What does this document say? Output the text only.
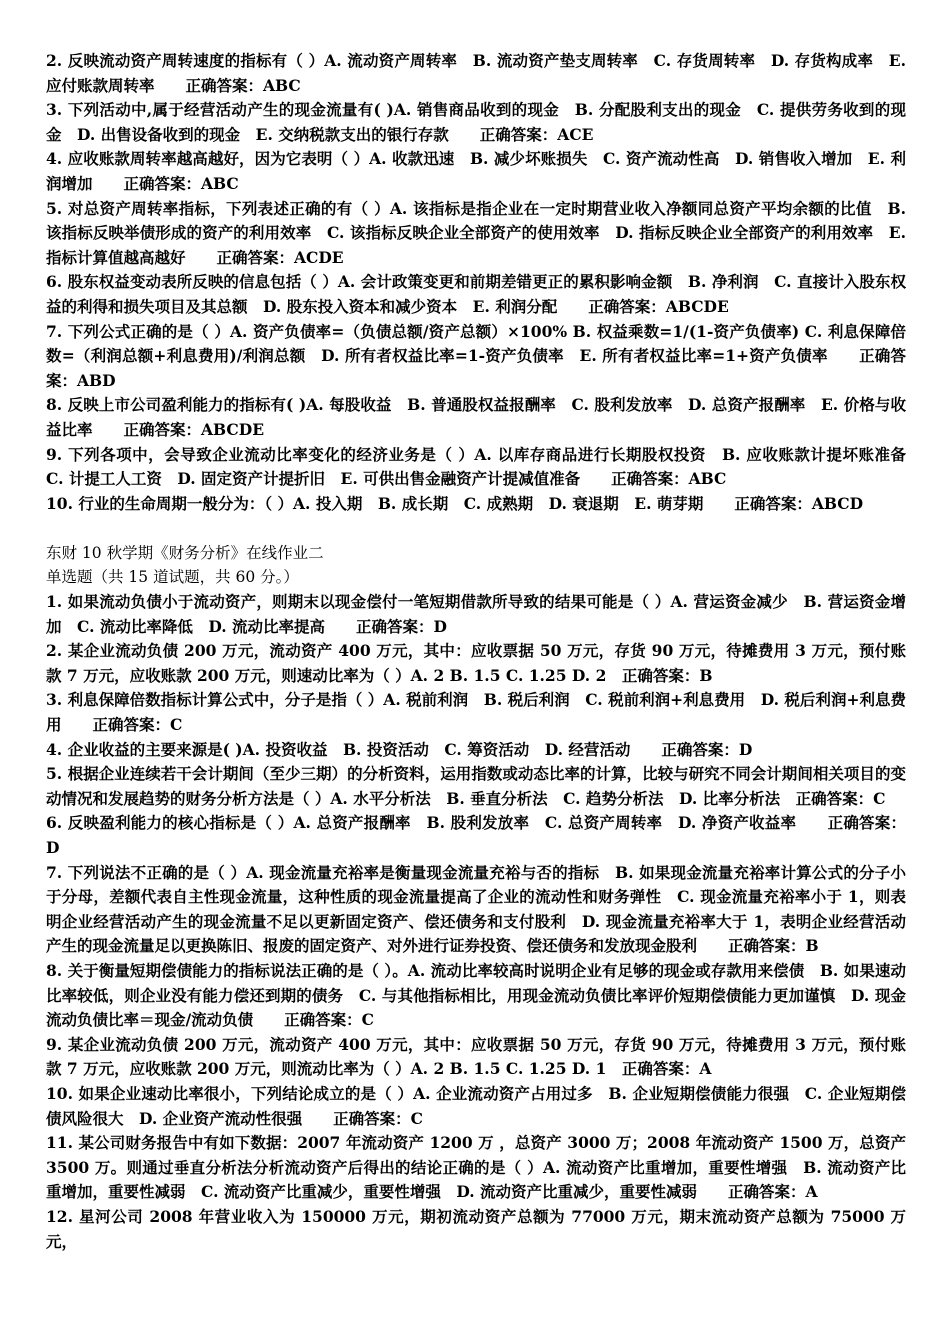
2. 反映流动资产周转速度的指标有（ ）A. 流动资产周转率　B. 流动资产垫支周转率　C. 存货周转率　D. 存货构成率　E. 应付账款周转率　　正确答案：ABC

3. 下列活动中,属于经营活动产生的现金流量有( )A. 销售商品收到的现金　B. 分配股利支出的现金　C. 提供劳务收到的现金　D. 出售设备收到的现金　E. 交纳税款支出的银行存款　　正确答案：ACE

4. 应收账款周转率越高越好，因为它表明（ ）A. 收款迅速　B. 减少坏账损失　C. 资产流动性高　D. 销售收入增加　E. 利润增加　　正确答案：ABC

5. 对总资产周转率指标，下列表述正确的有（ ）A. 该指标是指企业在一定时期营业收入净额同总资产平均余额的比值　B. 该指标反映举债形成的资产的利用效率　C. 该指标反映企业全部资产的使用效率　D. 指标反映企业全部资产的利用效率　E. 指标计算值越高越好　　正确答案：ACDE

6. 股东权益变动表所反映的信息包括（ ）A. 会计政策变更和前期差错更正的累积影响金额　B. 净利润　C. 直接计入股东权益的利得和损失项目及其总额　D. 股东投入资本和减少资本　E. 利润分配　　正确答案：ABCDE

7. 下列公式正确的是（ ）A. 资产负债率=（负债总额/资产总额）×100% B. 权益乘数=1/(1-资产负债率) C. 利息保障倍数=（利润总额+利息费用)/利润总额　D. 所有者权益比率=1-资产负债率　E. 所有者权益比率=1+资产负债率　　正确答案：ABD

8. 反映上市公司盈利能力的指标有( )A. 每股收益　B. 普通股权益报酬率　C. 股利发放率　D. 总资产报酬率　E. 价格与收益比率　　正确答案：ABCDE

9. 下列各项中，会导致企业流动比率变化的经济业务是（ ）A. 以库存商品进行长期股权投资　B. 应收账款计提坏账准备　C. 计提工人工资　D. 固定资产计提折旧　E. 可供出售金融资产计提减值准备　　正确答案：ABC

10. 行业的生命周期一般分为：（ ）A. 投入期　B. 成长期　C. 成熟期　D. 衰退期　E. 萌芽期　　正确答案：ABCD

东财 10 秋学期《财务分析》在线作业二

单选题（共 15 道试题，共 60 分。）

1. 如果流动负债小于流动资产，则期末以现金偿付一笔短期借款所导致的结果可能是（ ）A. 营运资金减少　B. 营运资金增加　C. 流动比率降低　D. 流动比率提高　　正确答案：D

2. 某企业流动负债 200 万元，流动资产 400 万元，其中：应收票据 50 万元，存货 90 万元，待摊费用 3 万元，预付账款 7 万元，应收账款 200 万元，则速动比率为（ ）A. 2 B. 1.5 C. 1.25 D. 2　正确答案：B

3. 利息保障倍数指标计算公式中，分子是指（ ）A. 税前利润　B. 税后利润　C. 税前利润+利息费用　D. 税后利润+利息费用　　正确答案：C

4. 企业收益的主要来源是( )A. 投资收益　B. 投资活动　C. 筹资活动　D. 经营活动　　正确答案：D

5. 根据企业连续若干会计期间（至少三期）的分析资料，运用指数或动态比率的计算，比较与研究不同会计期间相关项目的变动情况和发展趋势的财务分析方法是（ ）A. 水平分析法　B. 垂直分析法　C. 趋势分析法　D. 比率分析法　正确答案：C

6. 反映盈利能力的核心指标是（ ）A. 总资产报酬率　B. 股利发放率　C. 总资产周转率　D. 净资产收益率　　正确答案：D

7. 下列说法不正确的是（ ）A. 现金流量充裕率是衡量现金流量充裕与否的指标　B. 如果现金流量充裕率计算公式的分子小于分母，差额代表自主性现金流量，这种性质的现金流量提高了企业的流动性和财务弹性　C. 现金流量充裕率小于 1，则表明企业经营活动产生的现金流量不足以更新固定资产、偿还债务和支付股利　D. 现金流量充裕率大于 1，表明企业经营活动产生的现金流量足以更换陈旧、报废的固定资产、对外进行证券投资、偿还债务和发放现金股利　　正确答案：B

8. 关于衡量短期偿债能力的指标说法正确的是（ ）。A. 流动比率较高时说明企业有足够的现金或存款用来偿债　B. 如果速动比率较低，则企业没有能力偿还到期的债务　C. 与其他指标相比，用现金流动负债比率评价短期偿债能力更加谨慎　D. 现金流动负债比率＝现金/流动负债　　正确答案：C

9. 某企业流动负债 200 万元，流动资产 400 万元，其中：应收票据 50 万元，存货 90 万元，待摊费用 3 万元，预付账款 7 万元，应收账款 200 万元，则流动比率为（ ）A. 2 B. 1.5 C. 1.25 D. 1　正确答案：A

10. 如果企业速动比率很小，下列结论成立的是（ ）A. 企业流动资产占用过多　B. 企业短期偿债能力很强　C. 企业短期偿债风险很大　D. 企业资产流动性很强　　正确答案：C

11. 某公司财务报告中有如下数据：2007 年流动资产 1200 万 ，总资产 3000 万；2008 年流动资产 1500 万，总资产 3500 万。则通过垂直分析法分析流动资产后得出的结论正确的是（ ）A. 流动资产比重增加，重要性增强　B. 流动资产比重增加，重要性减弱　C. 流动资产比重减少，重要性增强　D. 流动资产比重减少，重要性减弱　　正确答案：A

12. 星河公司 2008 年营业收入为 150000 万元，期初流动资产总额为 77000 万元，期末流动资产总额为 75000 万元，
